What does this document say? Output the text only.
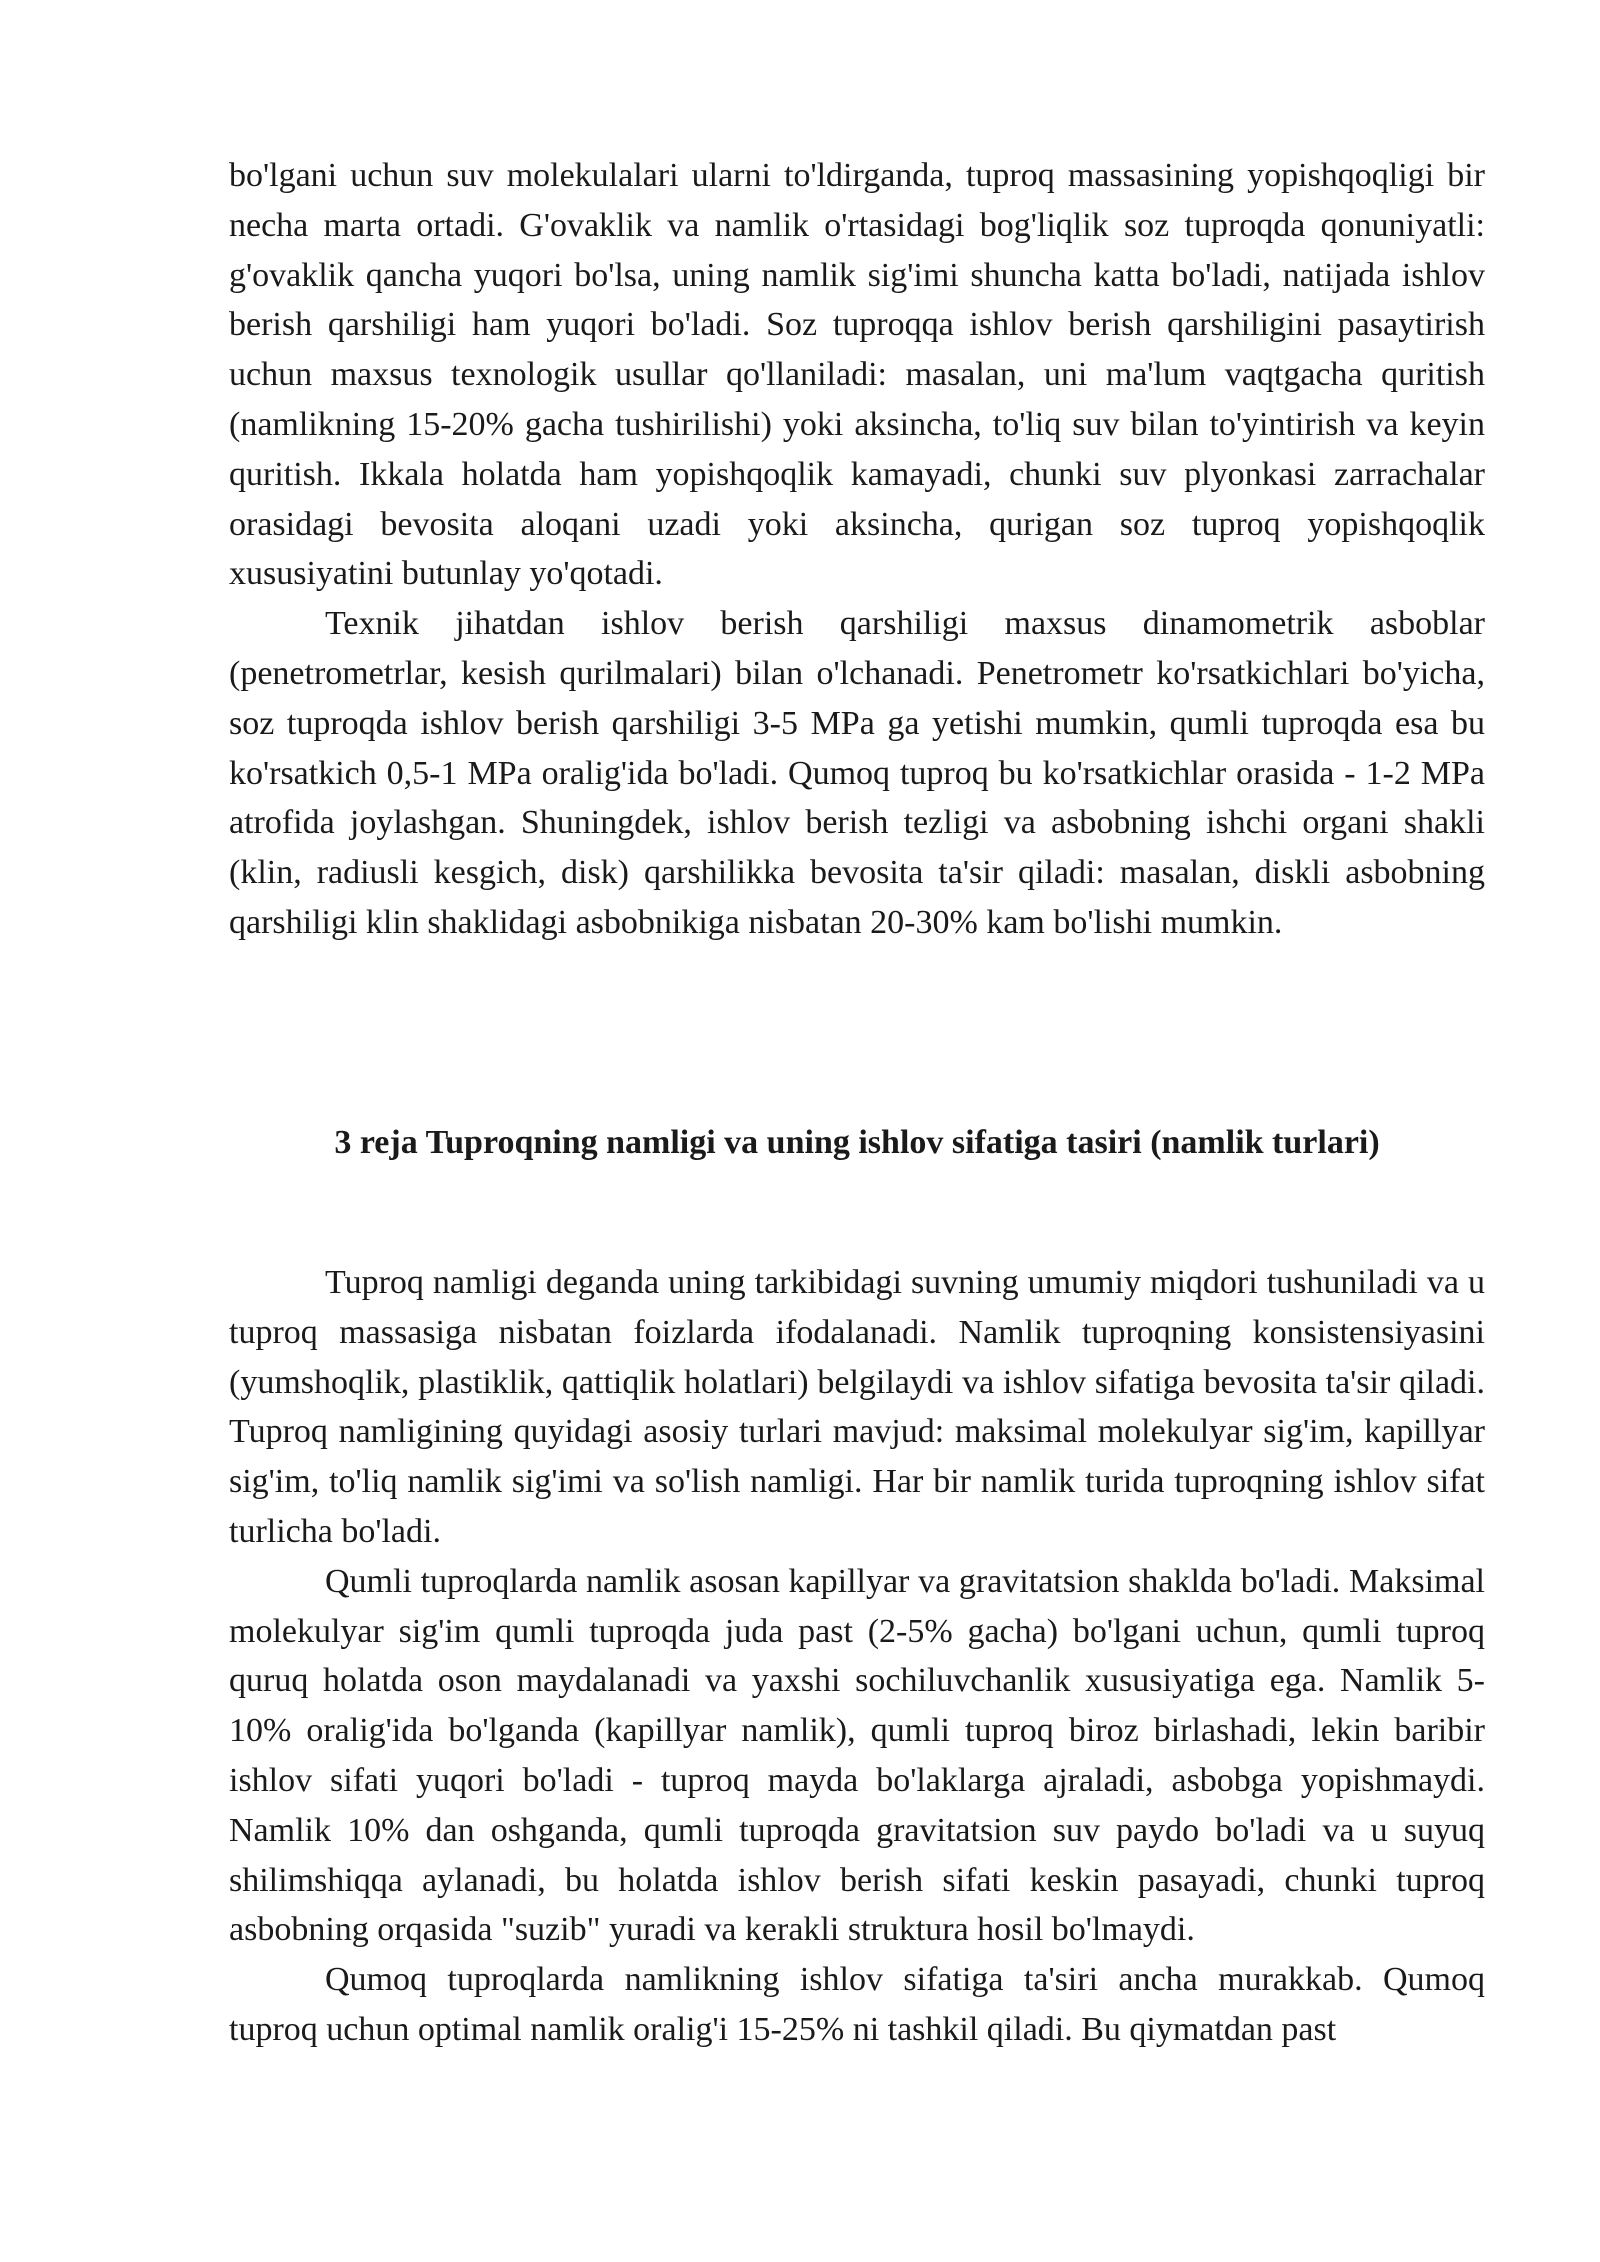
bo'lgani uchun suv molekulalari ularni to'ldirganda, tuproq massasining yopishqoqligi bir necha marta ortadi. G'ovaklik va namlik o'rtasidagi bog'liqlik soz tuproqda qonuniyatli: g'ovaklik qancha yuqori bo'lsa, uning namlik sig'imi shuncha katta bo'ladi, natijada ishlov berish qarshiligi ham yuqori bo'ladi. Soz tuproqqa ishlov berish qarshiligini pasaytirish uchun maxsus texnologik usullar qo'llaniladi: masalan, uni ma'lum vaqtgacha quritish (namlikning 15-20% gacha tushirilishi) yoki aksincha, to'liq suv bilan to'yintirish va keyin quritish. Ikkala holatda ham yopishqoqlik kamayadi, chunki suv plyonkasi zarrachalar orasidagi bevosita aloqani uzadi yoki aksincha, qurigan soz tuproq yopishqoqlik xususiyatini butunlay yo'qotadi.

Texnik jihatdan ishlov berish qarshiligi maxsus dinamometrik asboblar (penetrometrlar, kesish qurilmalari) bilan o'lchanadi. Penetrometr ko'rsatkichlari bo'yicha, soz tuproqda ishlov berish qarshiligi 3-5 MPa ga yetishi mumkin, qumli tuproqda esa bu ko'rsatkich 0,5-1 MPa oralig'ida bo'ladi. Qumoq tuproq bu ko'rsatkichlar orasida - 1-2 MPa atrofida joylashgan. Shuningdek, ishlov berish tezligi va asbobning ishchi organi shakli (klin, radiusli kesgich, disk) qarshilikka bevosita ta'sir qiladi: masalan, diskli asbobning qarshiligi klin shaklidagi asbobnikiga nisbatan 20-30% kam bo'lishi mumkin.

3 reja Tuproqning namligi va uning ishlov sifatiga tasiri (namlik turlari)

Tuproq namligi deganda uning tarkibidagi suvning umumiy miqdori tushuniladi va u tuproq massasiga nisbatan foizlarda ifodalanadi. Namlik tuproqning konsistensiyasini (yumshoqlik, plastiklik, qattiqlik holatlari) belgilaydi va ishlov sifatiga bevosita ta'sir qiladi. Tuproq namligining quyidagi asosiy turlari mavjud: maksimal molekulyar sig'im, kapillyar sig'im, to'liq namlik sig'imi va so'lish namligi. Har bir namlik turida tuproqning ishlov sifat turlicha bo'ladi.

Qumli tuproqlarda namlik asosan kapillyar va gravitatsion shaklda bo'ladi. Maksimal molekulyar sig'im qumli tuproqda juda past (2-5% gacha) bo'lgani uchun, qumli tuproq quruq holatda oson maydalanadi va yaxshi sochiluvchanlik xususiyatiga ega. Namlik 5-10% oralig'ida bo'lganda (kapillyar namlik), qumli tuproq biroz birlashadi, lekin baribir ishlov sifati yuqori bo'ladi - tuproq mayda bo'laklarga ajraladi, asbobga yopishmaydi. Namlik 10% dan oshganda, qumli tuproqda gravitatsion suv paydo bo'ladi va u suyuq shilimshiqqa aylanadi, bu holatda ishlov berish sifati keskin pasayadi, chunki tuproq asbobning orqasida "suzib" yuradi va kerakli struktura hosil bo'lmaydi.

Qumoq tuproqlarda namlikning ishlov sifatiga ta'siri ancha murakkab. Qumoq tuproq uchun optimal namlik oralig'i 15-25% ni tashkil qiladi. Bu qiymatdan past
